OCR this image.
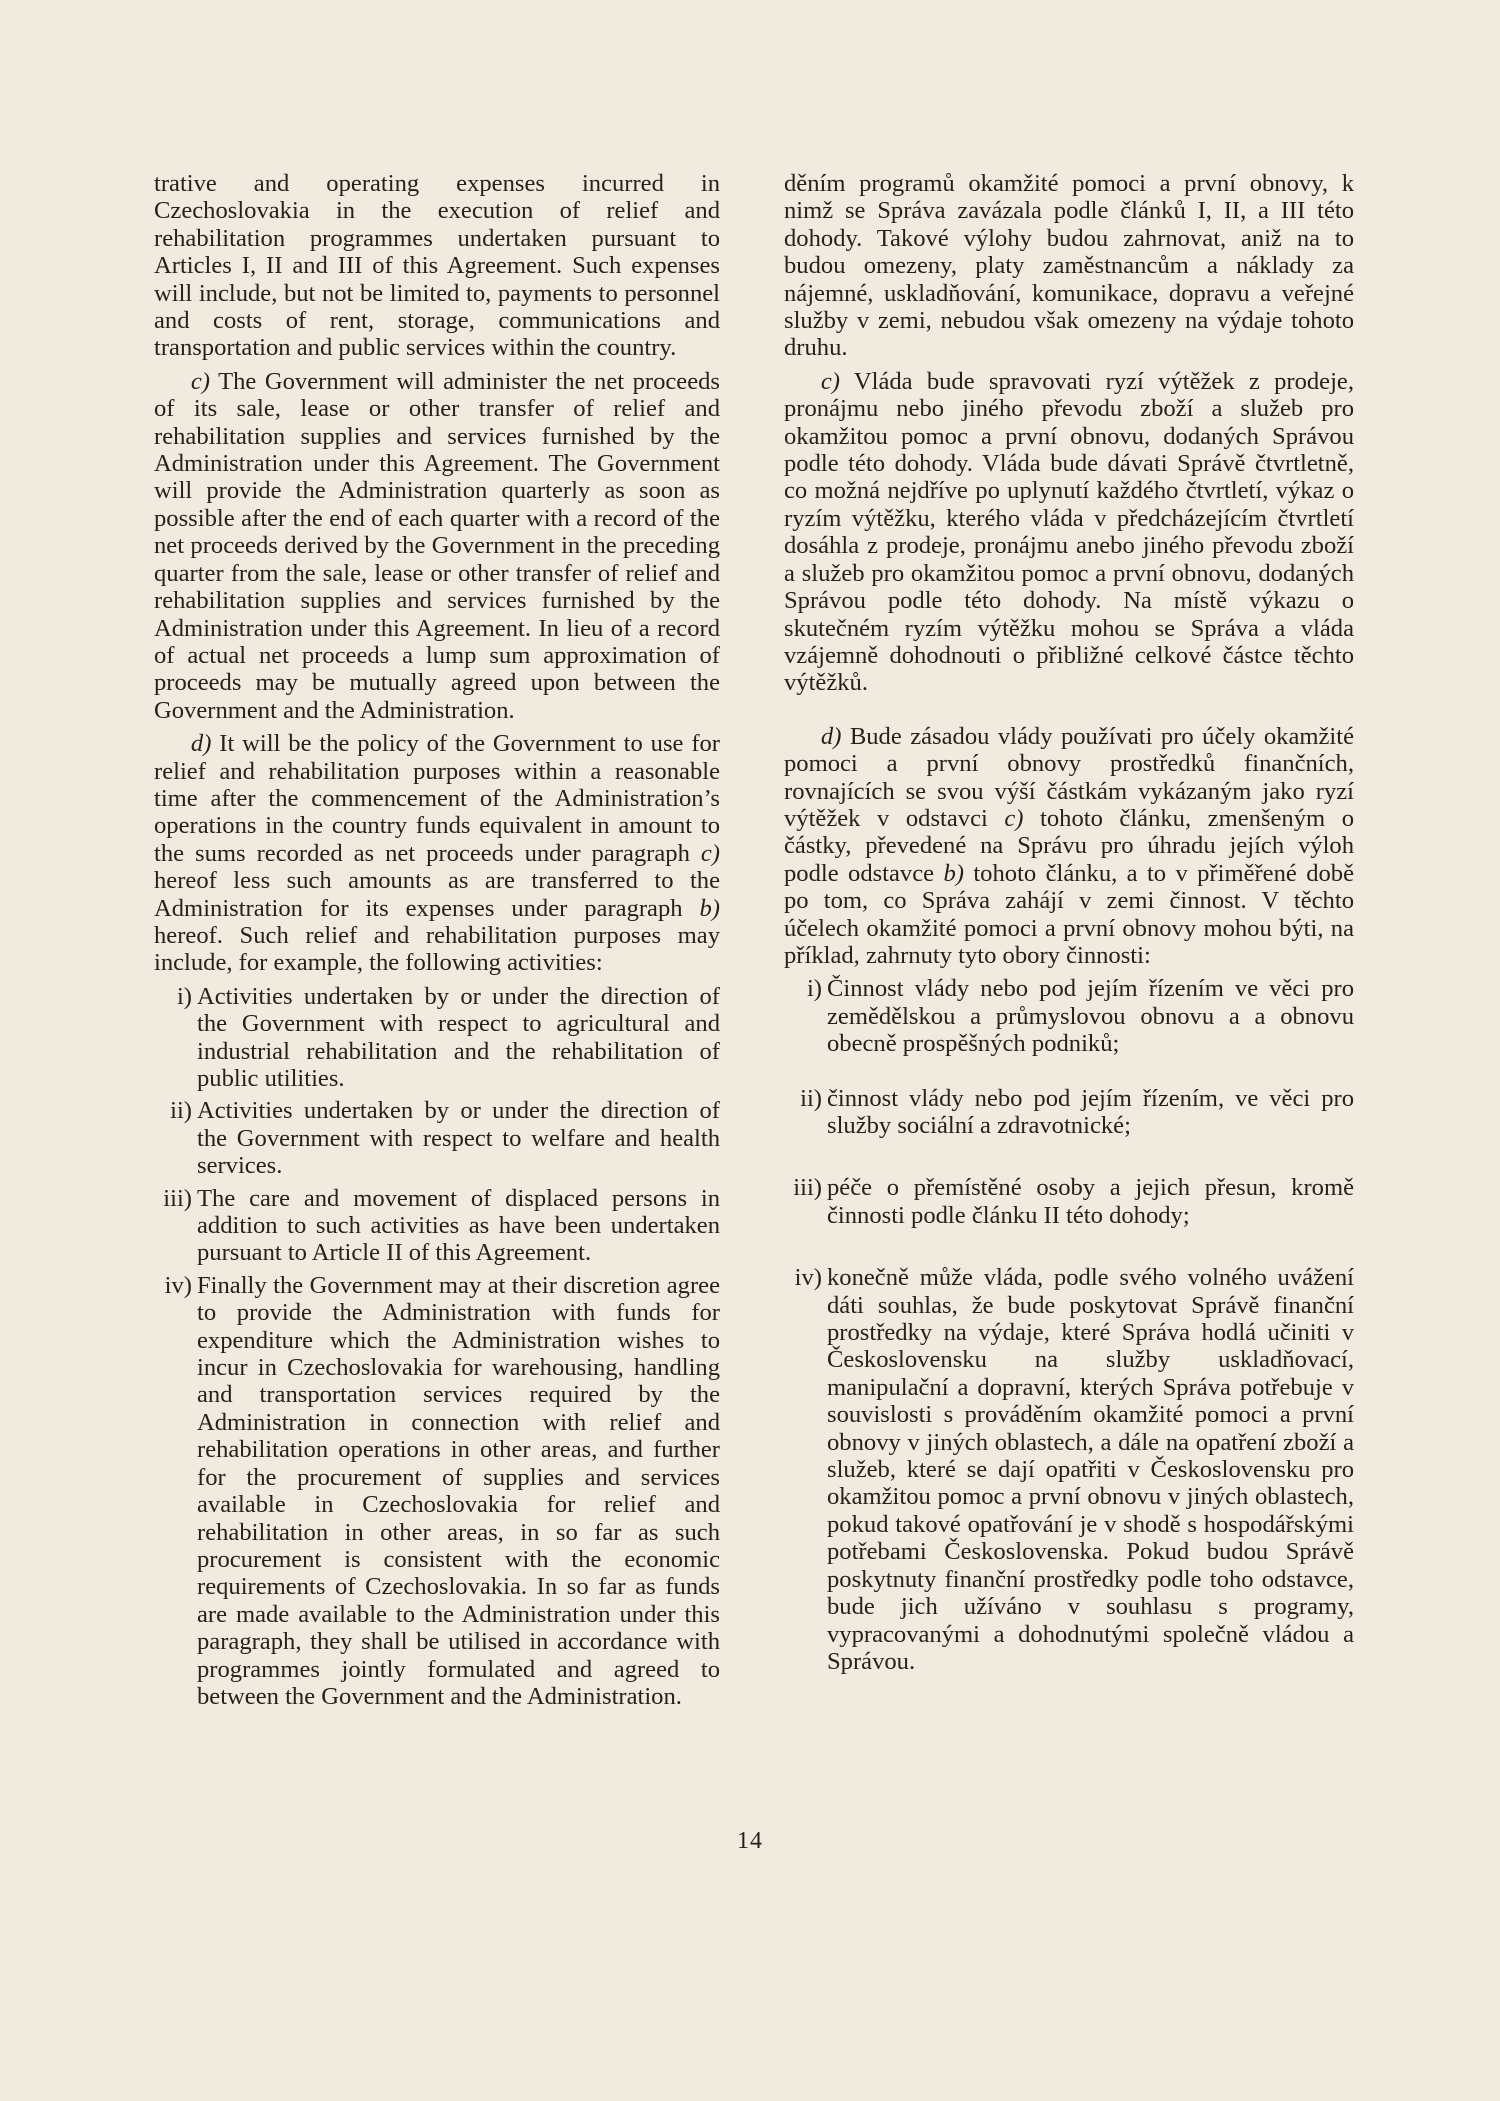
trative and operating expenses incurred in Czechoslovakia in the execution of relief and rehabilitation programmes undertaken pursuant to Articles I, II and III of this Agreement. Such expenses will include, but not be limited to, payments to personnel and costs of rent, storage, communications and transportation and public services within the country.

c) The Government will administer the net proceeds of its sale, lease or other transfer of relief and rehabilitation supplies and services furnished by the Administration under this Agreement. The Government will provide the Administration quarterly as soon as possible after the end of each quarter with a record of the net proceeds derived by the Government in the preceding quarter from the sale, lease or other transfer of relief and rehabilitation supplies and services furnished by the Administration under this Agreement. In lieu of a record of actual net proceeds a lump sum approximation of proceeds may be mutually agreed upon between the Government and the Administration.

d) It will be the policy of the Government to use for relief and rehabilitation purposes within a reasonable time after the commencement of the Administration’s operations in the country funds equivalent in amount to the sums recorded as net proceeds under paragraph c) hereof less such amounts as are transferred to the Administration for its expenses under paragraph b) hereof. Such relief and rehabilitation purposes may include, for example, the following activities:

i) Activities undertaken by or under the direction of the Government with respect to agricultural and industrial rehabilitation and the rehabilitation of public utilities.
ii) Activities undertaken by or under the direction of the Government with respect to welfare and health services.
iii) The care and movement of displaced persons in addition to such activities as have been undertaken pursuant to Article II of this Agreement.
iv) Finally the Government may at their discretion agree to provide the Administration with funds for expenditure which the Administration wishes to incur in Czechoslovakia for warehousing, handling and transportation services required by the Administration in connection with relief and rehabilitation operations in other areas, and further for the procurement of supplies and services available in Czechoslovakia for relief and rehabilitation in other areas, in so far as such procurement is consistent with the economic requirements of Czechoslovakia. In so far as funds are made available to the Administration under this paragraph, they shall be utilised in accordance with programmes jointly formulated and agreed to between the Government and the Administration.

děním programů okamžité pomoci a první obnovy, k nimž se Správa zavázala podle článků I, II, a III této dohody. Takové výlohy budou zahrnovat, aniž na to budou omezeny, platy zaměstnancům a náklady za nájemné, uskladňování, komunikace, dopravu a veřejné služby v zemi, nebudou však omezeny na výdaje tohoto druhu.

c) Vláda bude spravovati ryzí výtěžek z prodeje, pronájmu nebo jiného převodu zboží a služeb pro okamžitou pomoc a první obnovu, dodaných Správou podle této dohody. Vláda bude dávati Správě čtvrtletně, co možná nejdříve po uplynutí každého čtvrtletí, výkaz o ryzím výtěžku, kterého vláda v předcházejícím čtvrtletí dosáhla z prodeje, pronájmu anebo jiného převodu zboží a služeb pro okamžitou pomoc a první obnovu, dodaných Správou podle této dohody. Na místě výkazu o skutečném ryzím výtěžku mohou se Správa a vláda vzájemně dohodnouti o přibližné celkové částce těchto výtěžků.

d) Bude zásadou vlády používati pro účely okamžité pomoci a první obnovy prostředků finančních, rovnajících se svou výší částkám vykázaným jako ryzí výtěžek v odstavci c) tohoto článku, zmenšeným o částky, převedené na Správu pro úhradu jejích výloh podle odstavce b) tohoto článku, a to v přiměřené době po tom, co Správa zahájí v zemi činnost. V těchto účelech okamžité pomoci a první obnovy mohou býti, na příklad, zahrnuty tyto obory činnosti:

i) Činnost vlády nebo pod jejím řízením ve věci pro zemědělskou a průmyslovou obnovu a a obnovu obecně prospěšných podniků;
ii) činnost vlády nebo pod jejím řízením, ve věci pro služby sociální a zdravotnické;
iii) péče o přemístěné osoby a jejich přesun, kromě činnosti podle článku II této dohody;
iv) konečně může vláda, podle svého volného uvážení dáti souhlas, že bude poskytovat Správě finanční prostředky na výdaje, které Správa hodlá učiniti v Československu na služby uskladňovací, manipulační a dopravní, kterých Správa potřebuje v souvislosti s prováděním okamžité pomoci a první obnovy v jiných oblastech, a dále na opatření zboží a služeb, které se dají opatřiti v Československu pro okamžitou pomoc a první obnovu v jiných oblastech, pokud takové opatřování je v shodě s hospodářskými potřebami Československa. Pokud budou Správě poskytnuty finanční prostředky podle toho odstavce, bude jich užíváno v souhlasu s programy, vypracovanými a dohodnutými společně vládou a Správou.
14
